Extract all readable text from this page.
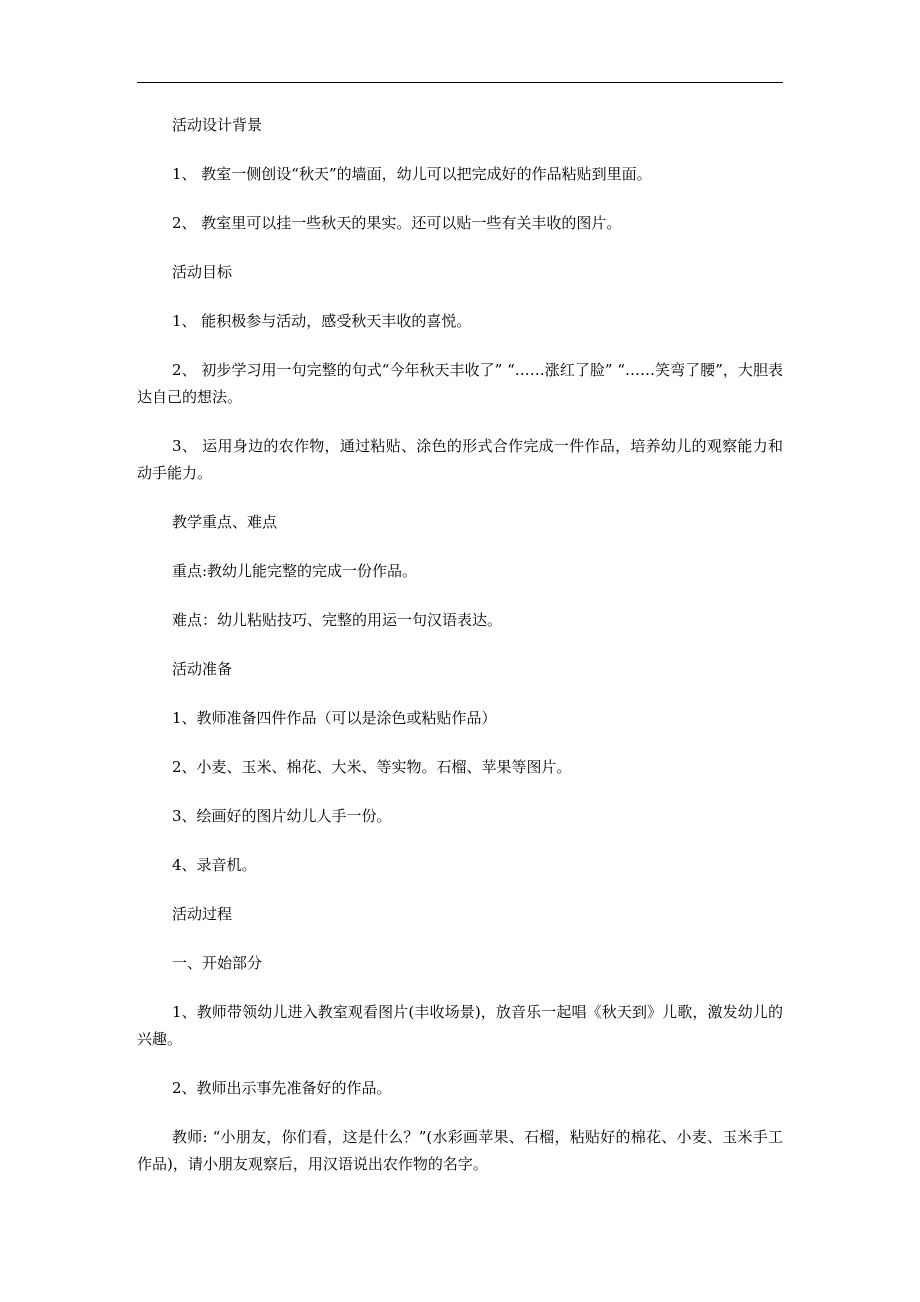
活动设计背景

1、 教室一侧创设“秋天”的墙面，幼儿可以把完成好的作品粘贴到里面。

2、 教室里可以挂一些秋天的果实。还可以贴一些有关丰收的图片。

活动目标

1、 能积极参与活动，感受秋天丰收的喜悦。

2、 初步学习用一句完整的句式“今年秋天丰收了” “……涨红了脸” “……笑弯了腰”，大胆表达自己的想法。

3、 运用身边的农作物，通过粘贴、涂色的形式合作完成一件作品，培养幼儿的观察能力和动手能力。

教学重点、难点

重点:教幼儿能完整的完成一份作品。

难点：幼儿粘贴技巧、完整的用运一句汉语表达。

活动准备

1、教师准备四件作品（可以是涂色或粘贴作品）

2、小麦、玉米、棉花、大米、等实物。石榴、苹果等图片。

3、绘画好的图片幼儿人手一份。

4、录音机。

活动过程

一、开始部分

1、教师带领幼儿进入教室观看图片(丰收场景)，放音乐一起唱《秋天到》儿歌，激发幼儿的兴趣。

2、教师出示事先准备好的作品。

教师: “小朋友，你们看，这是什么？”(水彩画苹果、石榴，粘贴好的棉花、小麦、玉米手工作品)，请小朋友观察后，用汉语说出农作物的名字。
